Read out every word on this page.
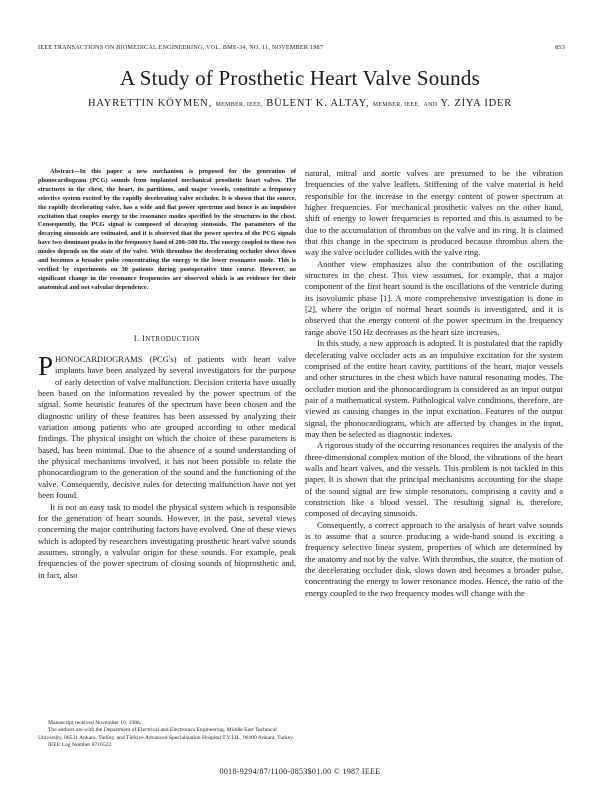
IEEE TRANSACTIONS ON BIOMEDICAL ENGINEERING, VOL. BME-34, NO. 11, NOVEMBER 1987	853
A Study of Prosthetic Heart Valve Sounds
HAYRETTIN KÖYMEN, MEMBER, IEEE, BÜLENT K. ALTAY, MEMBER, IEEE, AND Y. ZİYA IDER

Abstract—In this paper a new mechanism is proposed for the generation of phonocardiogram (PCG) sounds from implanted mechanical prosthetic heart valves. The structures in the chest, the heart, its partitions, and major vessels, constitute a frequency selective system excited by the rapidly decelerating valve occluder. It is shown that the source, the rapidly decelerating valve, has a wide and flat power spectrum and hence is an impulsive excitation that couples energy to the resonance modes specified by the structures in the chest. Consequently, the PCG signal is composed of decaying sinusoids. The parameters of the decaying sinusoids are estimated, and it is observed that the power spectra of the PCG signals have two dominant peaks in the frequency band of 200–500 Hz. The energy coupled to these two modes depends on the state of the valve. With thrombus the decelerating occluder slows down and becomes a broader pulse concentrating the energy to the lower resonance mode. This is verified by experiments on 30 patients during postoperative time course. However, no significant change in the resonance frequencies are observed which is an evidence for their anatomical and not valvular dependence.

I. INTRODUCTION

PHONOCARDIOGRAMS (PCG's) of patients with heart valve implants have been analyzed by several investigators for the purpose of early detection of valve malfunction. Decision criteria have usually been based on the information revealed by the power spectrum of the signal. Some heuristic features of the spectrum have been chosen and the diagnostic utility of these features has been assessed by analyzing their variation among patients who are grouped according to other medical findings. The physical insight on which the choice of these parameters is based, has been minimal. Due to the absence of a sound understanding of the physical mechanisms involved, it has not been possible to relate the phonocardiogram to the generation of the sound and the functioning of the valve. Consequently, decisive rules for detecting malfunction have not yet been found.

It is not an easy task to model the physical system which is responsible for the generation of heart sounds. However, in the past, several views concerning the major contributing factors have evolved. One of these views which is adopted by researchers investigating prosthetic heart valve sounds assumes, strongly, a valvular origin for these sounds. For example, peak frequencies of the power spectrum of closing sounds of bioprosthetic and, in fact, also

Manuscript received November 10, 1986.

The authors are with the Department of Electrical and Electronics Engineering, Middle East Technical University, 06531 Ankara, Turkey, and Türkiye Advanced Specialization Hospital T.Y.İ.H., 06100 Ankara, Turkey.

IEEE Log Number 8716522.

natural, mitral and aortic valves are presumed to be the vibration frequencies of the valve leaflets. Stiffening of the valve material is held responsible for the increase in the energy content of power spectrum at higher frequencies. For mechanical prosthetic valves on the other hand, shift of energy to lower frequencies is reported and this is assumed to be due to the accumulation of thrombus on the valve and its ring. It is claimed that this change in the spectrum is produced because thrombus alters the way the valve occluder collides with the valve ring.

Another view emphasizes also the contribution of the oscillating structures in the chest. This view assumes, for example, that a major component of the first heart sound is the oscillations of the ventricle during its isovolumic phase [1]. A more comprehensive investigation is done in [2], where the origin of normal heart sounds is investigated, and it is observed that the energy content of the power spectrum in the frequency range above 150 Hz decreases as the heart size increases.

In this study, a new approach is adopted. It is postulated that the rapidly decelerating valve occluder acts as an impulsive excitation for the system comprised of the entire heart cavity, partitions of the heart, major vessels and other structures in the chest which have natural resonating modes. The occluder motion and the phonocardiogram is considered as an input output pair of a mathematical system. Pathological valve conditions, therefore, are viewed as causing changes in the input excitation. Features of the output signal, the phonocardiogram, which are affected by changes in the input, may then be selected as diagnostic indexes.

A rigorous study of the occurring resonances requires the analysis of the three-dimensional complex motion of the blood, the vibrations of the heart walls and heart valves, and the vessels. This problem is not tackled in this paper. It is shown that the principal mechanisms accounting for the shape of the sound signal are few simple resonators, comprising a cavity and a constriction like a blood vessel. The resulting signal is, therefore, composed of decaying sinusoids.

Consequently, a correct approach to the analysis of heart valve sounds is to assume that a source producing a wide-band sound is exciting a frequency selective linear system, properties of which are determined by the anatomy and not by the valve. With thrombus, the source, the motion of the decelerating occluder disk, slows down and becomes a broader pulse, concentrating the energy to lower resonance modes. Hence, the ratio of the energy coupled to the two frequency modes will change with the

0018-9294/87/1100-0853$01.00 © 1987 IEEE
